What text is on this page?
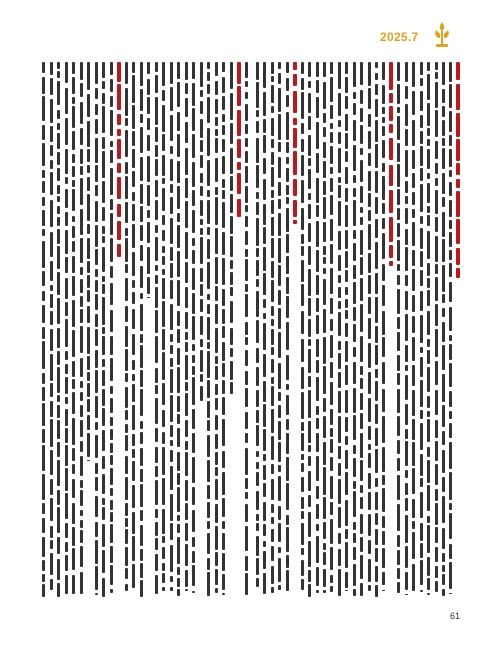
2025.7
61
